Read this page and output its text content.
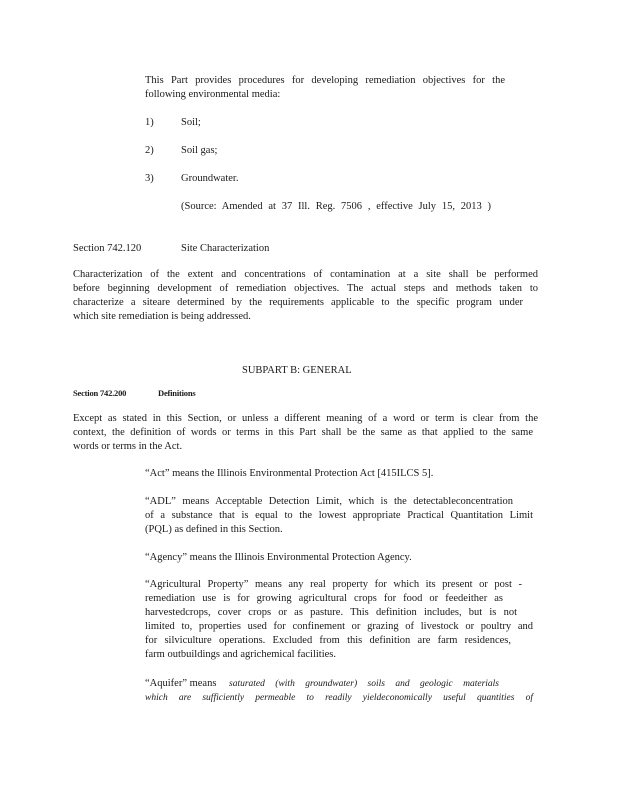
This Part provides procedures for developing remediation objectives for the
following environmental media:
1)	Soil;
2)	Soil gas;
3)	Groundwater.
(Source: Amended at 37 Ill. Reg. 7506 , effective July 15, 2013 )
Section 742.120	Site Characterization
Characterization of the extent and concentrations of contamination at a site shall be performed
before beginning development of remediation objectives. The actual steps and methods taken to
characterize a siteare determined by the requirements applicable to the specific program under
which site remediation is being addressed.
SUBPART B: GENERAL
Section 742.200	Definitions
Except as stated in this Section, or unless a different meaning of a word or term is clear from the
context, the definition of words or terms in this Part shall be the same as that applied to the same
words or terms in the Act.
“Act” means the Illinois Environmental Protection Act [415ILCS 5].
“ADL” means Acceptable Detection Limit, which is the detectableconcentration
of a substance that is equal to the lowest appropriate Practical Quantitation Limit
(PQL) as defined in this Section.
“Agency” means the Illinois Environmental Protection Agency.
“Agricultural Property” means any real property for which its present or post -
remediation use is for growing agricultural crops for food or feedeither as
harvestedcrops, cover crops or as pasture. This definition includes, but is not
limited to, properties used for confinement or grazing of livestock or poultry and
for silviculture operations. Excluded from this definition are farm residences,
farm outbuildings and agrichemical facilities.
“Aquifer” means saturated (with groundwater) soils and geologic materials
which are sufficiently permeable to readily yieldeconomically useful quantities of
